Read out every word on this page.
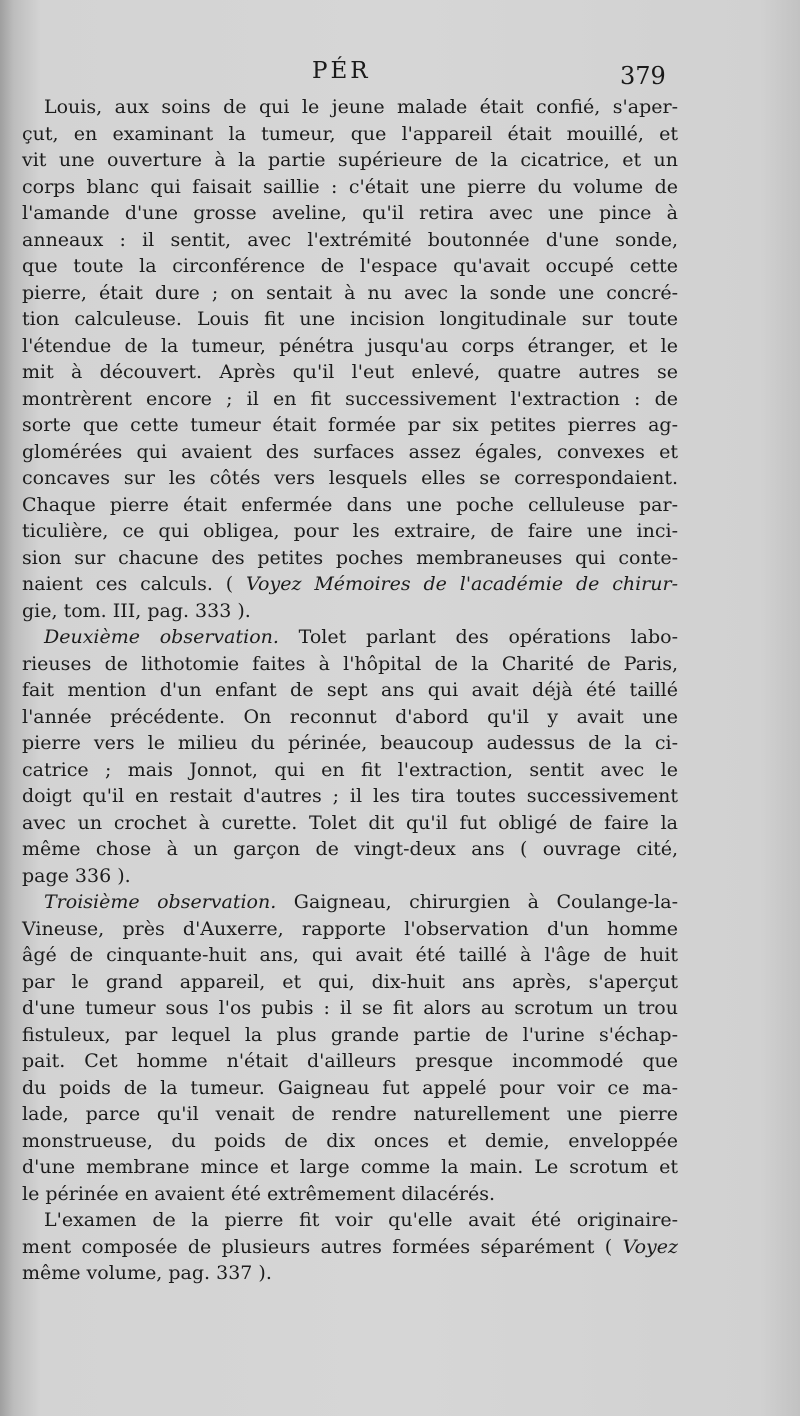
PÉR	379
Louis, aux soins de qui le jeune malade était confié, s'aper-
çut, en examinant la tumeur, que l'appareil était mouillé, et
vit une ouverture à la partie supérieure de la cicatrice, et un
corps blanc qui faisait saillie : c'était une pierre du volume de
l'amande d'une grosse aveline, qu'il retira avec une pince à
anneaux : il sentit, avec l'extrémité boutonnée d'une sonde,
que toute la circonférence de l'espace qu'avait occupé cette
pierre, était dure ; on sentait à nu avec la sonde une concré-
tion calculeuse. Louis fit une incision longitudinale sur toute
l'étendue de la tumeur, pénétra jusqu'au corps étranger, et le
mit à découvert. Après qu'il l'eut enlevé, quatre autres se
montrèrent encore ; il en fit successivement l'extraction : de
sorte que cette tumeur était formée par six petites pierres ag-
glomérées qui avaient des surfaces assez égales, convexes et
concaves sur les côtés vers lesquels elles se correspondaient.
Chaque pierre était enfermée dans une poche celluleuse par-
ticulière, ce qui obligea, pour les extraire, de faire une inci-
sion sur chacune des petites poches membraneuses qui conte-
naient ces calculs. ( Voyez Mémoires de l'académie de chirur-
gie, tom. III, pag. 333 ).
Deuxième observation. Tolet parlant des opérations labo-
rieuses de lithotomie faites à l'hôpital de la Charité de Paris,
fait mention d'un enfant de sept ans qui avait déjà été taillé
l'année précédente. On reconnut d'abord qu'il y avait une
pierre vers le milieu du périnée, beaucoup audessus de la ci-
catrice ; mais Jonnot, qui en fit l'extraction, sentit avec le
doigt qu'il en restait d'autres ; il les tira toutes successivement
avec un crochet à curette. Tolet dit qu'il fut obligé de faire la
même chose à un garçon de vingt-deux ans ( ouvrage cité,
page 336 ).
Troisième observation. Gaigneau, chirurgien à Coulange-la-
Vineuse, près d'Auxerre, rapporte l'observation d'un homme
âgé de cinquante-huit ans, qui avait été taillé à l'âge de huit
par le grand appareil, et qui, dix-huit ans après, s'aperçut
d'une tumeur sous l'os pubis : il se fit alors au scrotum un trou
fistuleux, par lequel la plus grande partie de l'urine s'échap-
pait. Cet homme n'était d'ailleurs presque incommodé que
du poids de la tumeur. Gaigneau fut appelé pour voir ce ma-
lade, parce qu'il venait de rendre naturellement une pierre
monstrueuse, du poids de dix onces et demie, enveloppée
d'une membrane mince et large comme la main. Le scrotum et
le périnée en avaient été extrêmement dilacérés.
L'examen de la pierre fit voir qu'elle avait été originaire-
ment composée de plusieurs autres formées séparément ( Voyez
même volume, pag. 337 ).
